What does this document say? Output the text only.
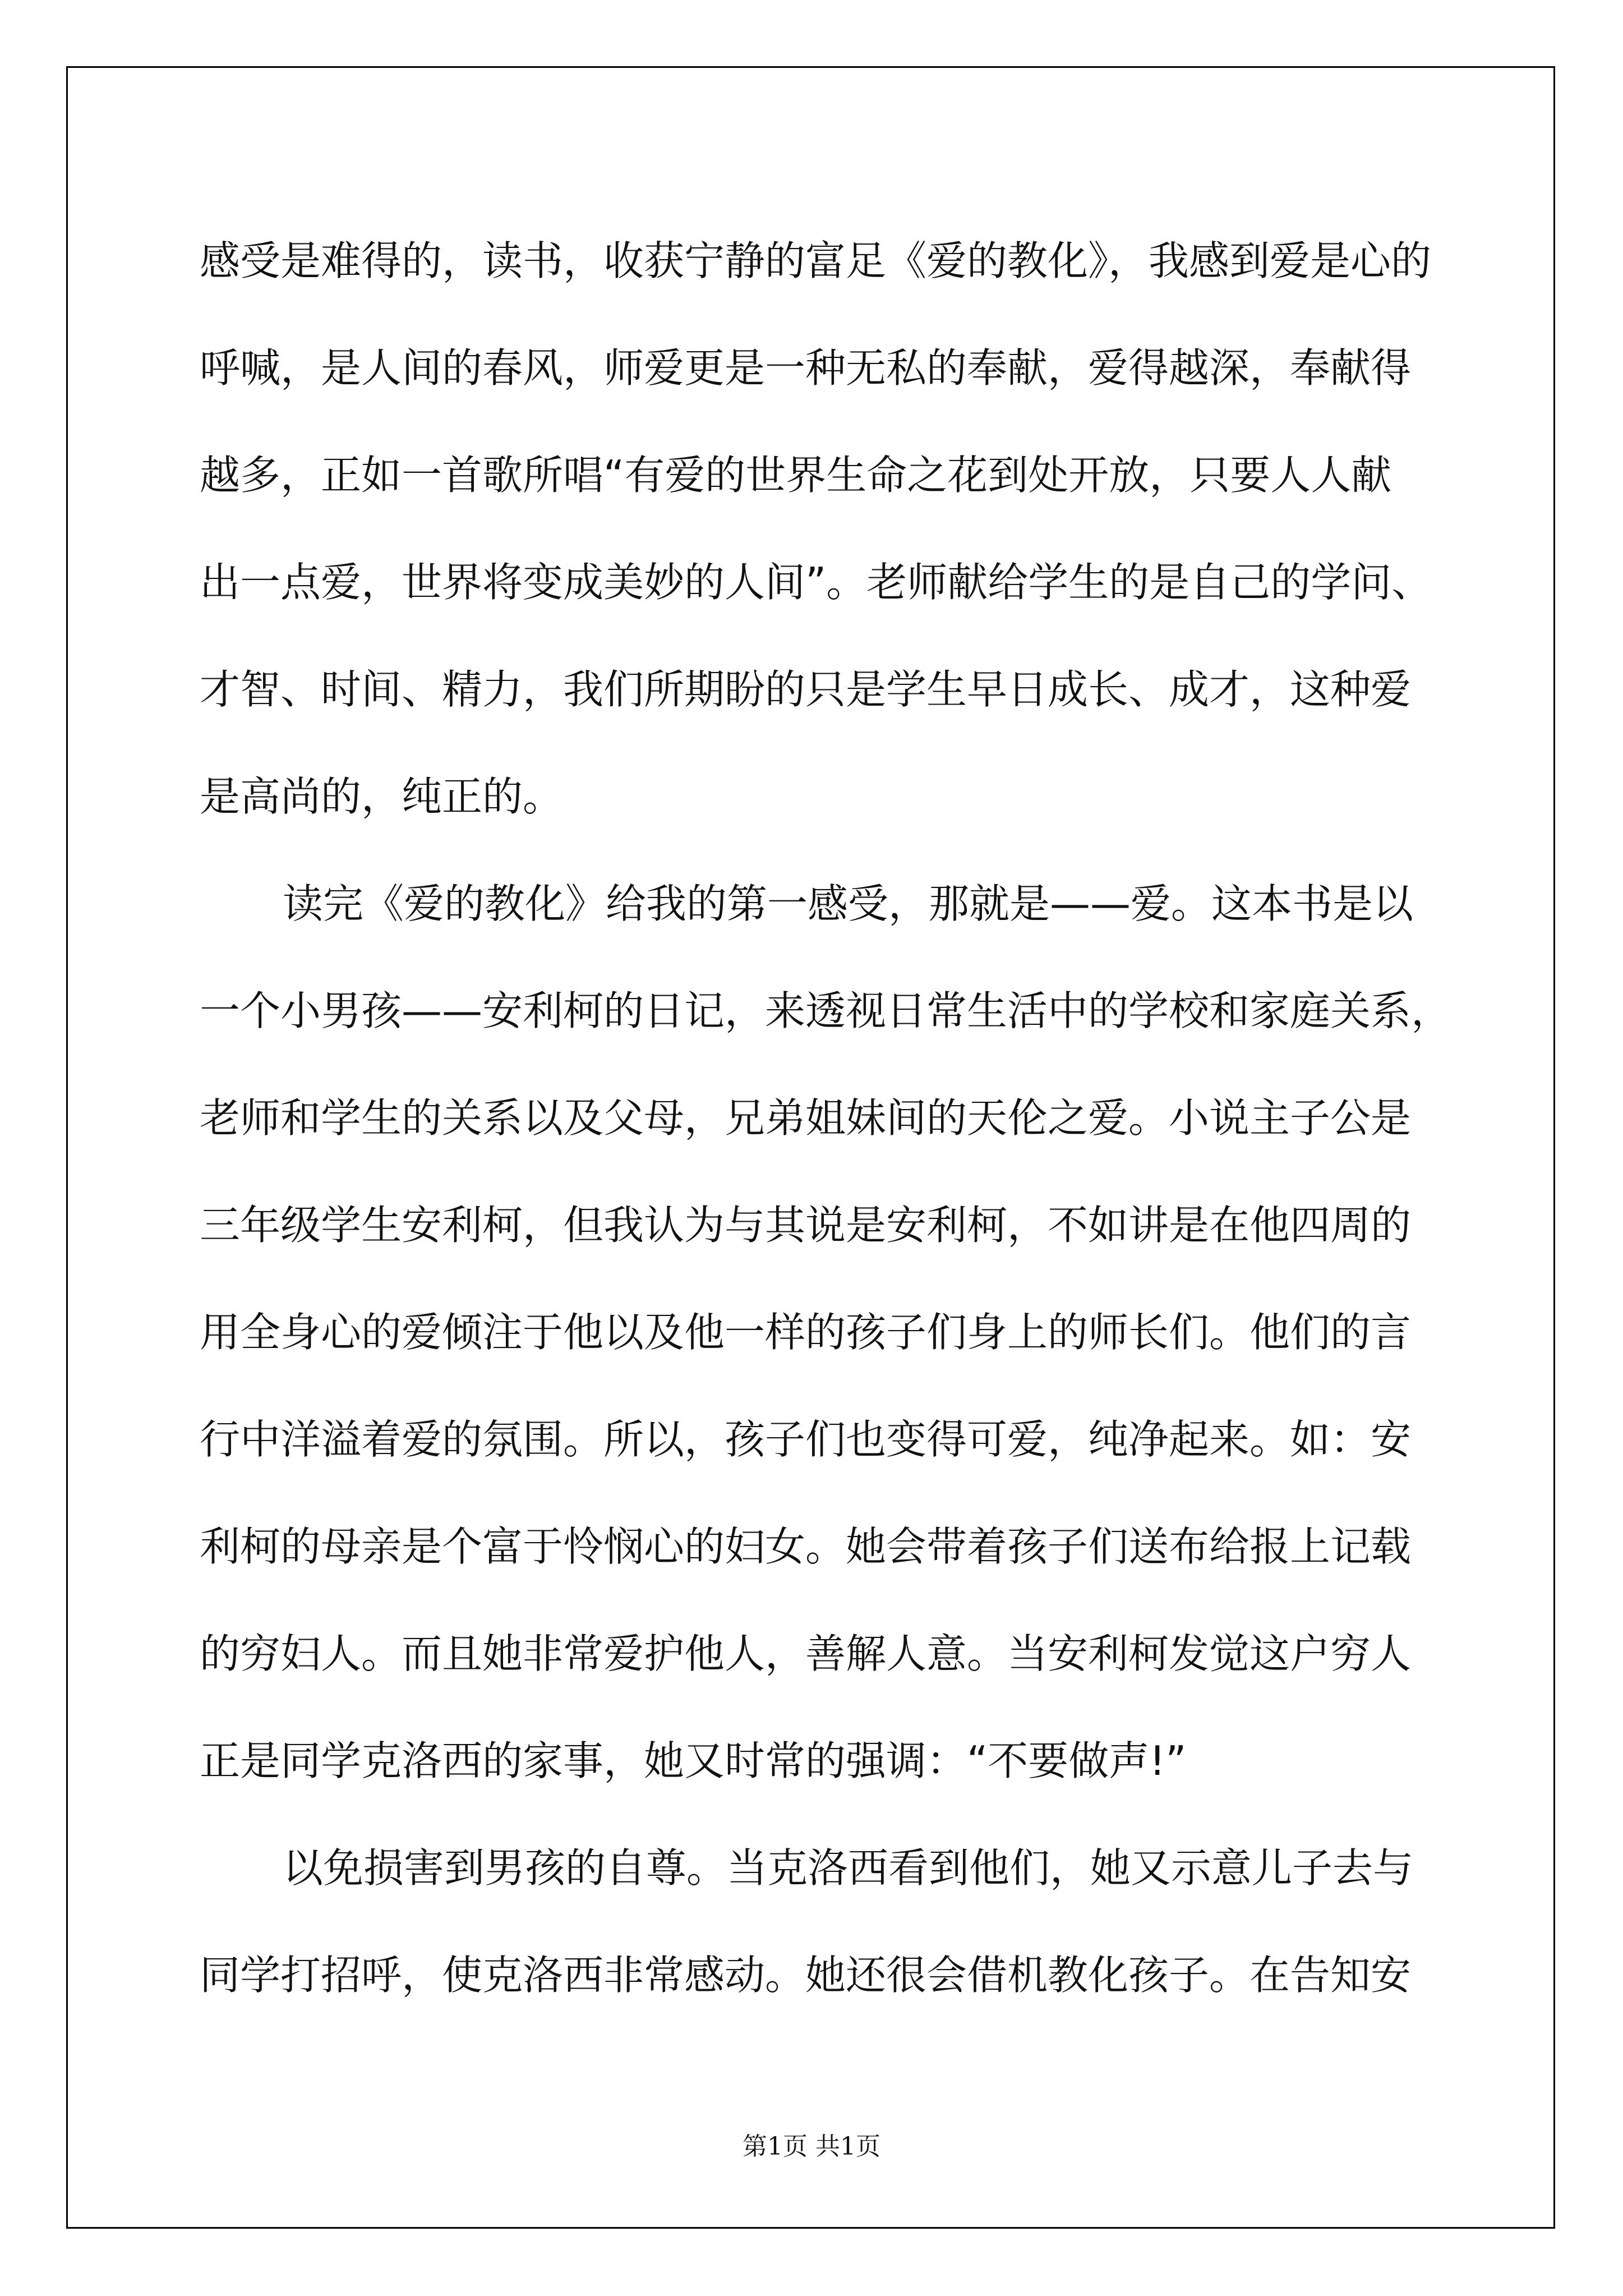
感受是难得的，读书，收获宁静的富足《爱的教化》，我感到爱是心的
呼喊，是人间的春风，师爱更是一种无私的奉献，爱得越深，奉献得
越多，正如一首歌所唱“有爱的世界生命之花到处开放，只要人人献
出一点爱，世界将变成美妙的人间”。老师献给学生的是自己的学问、
才智、时间、精力，我们所期盼的只是学生早日成长、成才，这种爱
是高尚的，纯正的。
读完《爱的教化》给我的第一感受，那就是——爱。这本书是以
一个小男孩——安利柯的日记，来透视日常生活中的学校和家庭关系，
老师和学生的关系以及父母，兄弟姐妹间的天伦之爱。小说主子公是
三年级学生安利柯，但我认为与其说是安利柯，不如讲是在他四周的
用全身心的爱倾注于他以及他一样的孩子们身上的师长们。他们的言
行中洋溢着爱的氛围。所以，孩子们也变得可爱，纯净起来。如：安
利柯的母亲是个富于怜悯心的妇女。她会带着孩子们送布给报上记载
的穷妇人。而且她非常爱护他人，善解人意。当安利柯发觉这户穷人
正是同学克洛西的家事，她又时常的强调：“不要做声!”
以免损害到男孩的自尊。当克洛西看到他们，她又示意儿子去与
同学打招呼，使克洛西非常感动。她还很会借机教化孩子。在告知安
第1页 共1页
